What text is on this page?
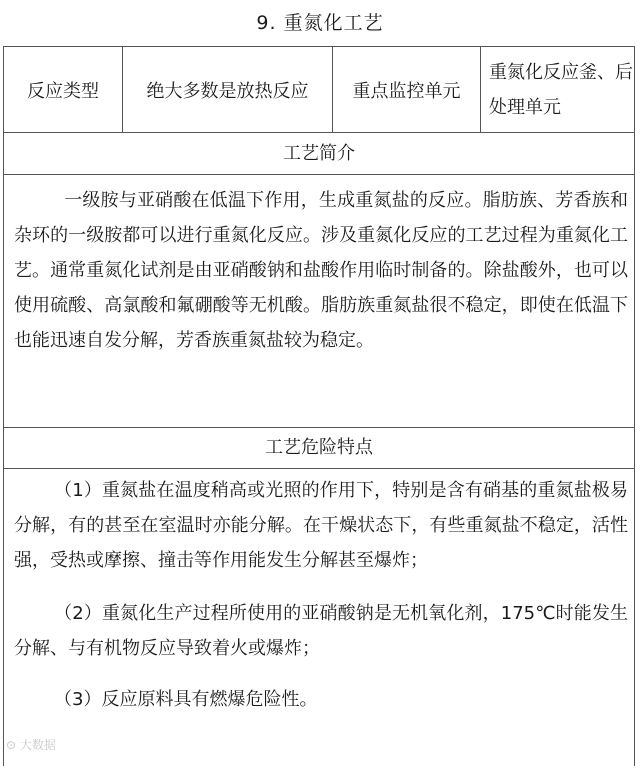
9. 重氮化工艺
反应类型	绝大多数是放热反应	重点监控单元
重氮化反应釜、后处理单元
工艺简介
一级胺与亚硝酸在低温下作用，生成重氮盐的反应。脂肪族、芳香族和杂环的一级胺都可以进行重氮化反应。涉及重氮化反应的工艺过程为重氮化工艺。通常重氮化试剂是由亚硝酸钠和盐酸作用临时制备的。除盐酸外，也可以使用硫酸、高氯酸和氟硼酸等无机酸。脂肪族重氮盐很不稳定，即使在低温下也能迅速自发分解，芳香族重氮盐较为稳定。
工艺危险特点
（1）重氮盐在温度稍高或光照的作用下，特别是含有硝基的重氮盐极易分解，有的甚至在室温时亦能分解。在干燥状态下，有些重氮盐不稳定，活性强，受热或摩擦、撞击等作用能发生分解甚至爆炸；
（2）重氮化生产过程所使用的亚硝酸钠是无机氧化剂，175℃时能发生分解、与有机物反应导致着火或爆炸；
（3）反应原料具有燃爆危险性。
⊙ 大数据
